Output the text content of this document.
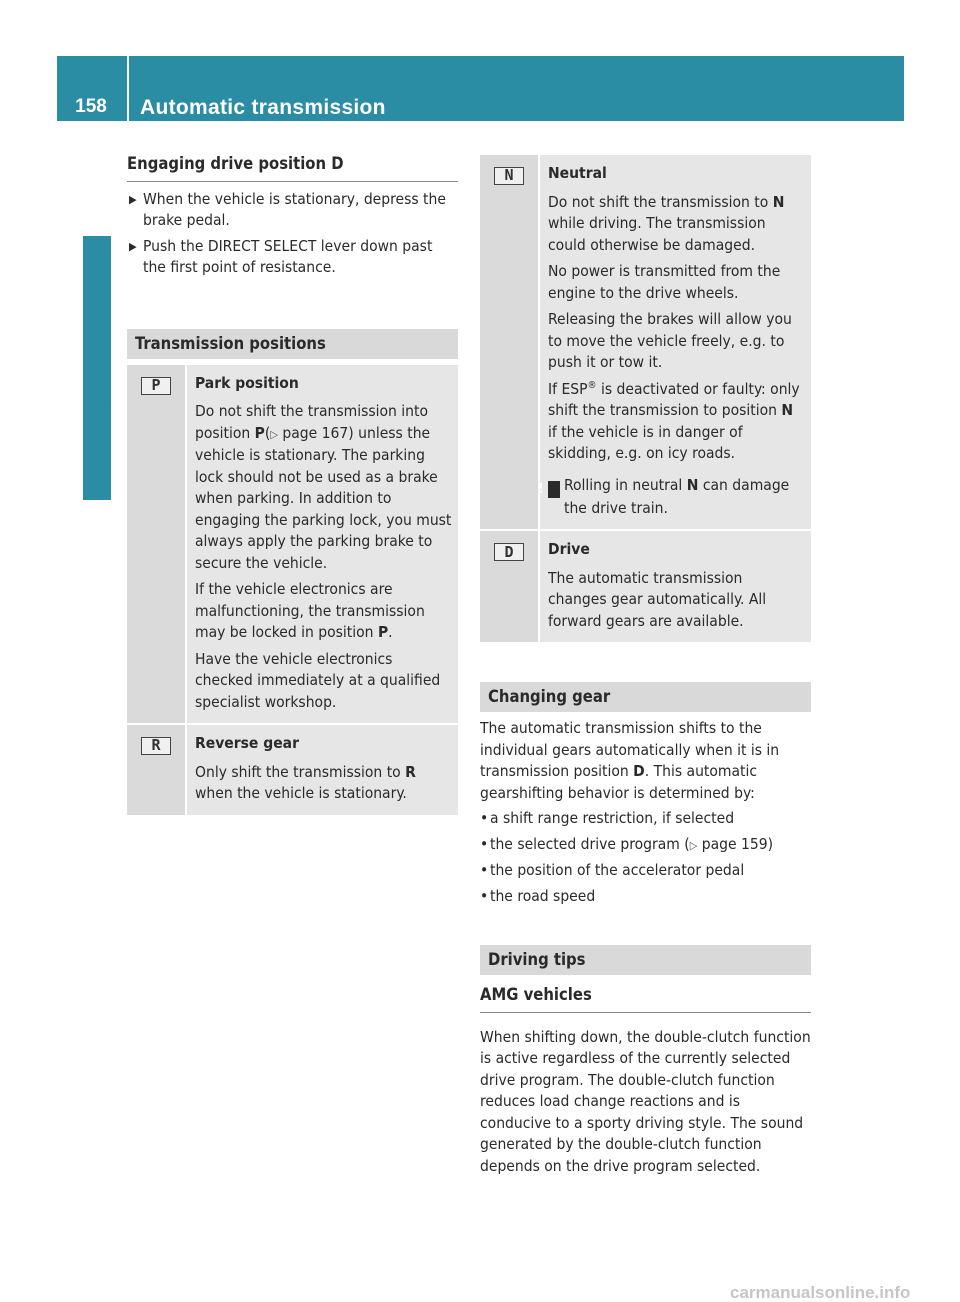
158	Automatic transmission
Driving and parking
Engaging drive position D
▶ When the vehicle is stationary, depress the brake pedal.
▶ Push the DIRECT SELECT lever down past the first point of resistance.
Transmission positions
P	Park position

Do not shift the transmission into position P(▷ page 167) unless the vehicle is stationary. The parking lock should not be used as a brake when parking. In addition to engaging the parking lock, you must always apply the parking brake to secure the vehicle.

If the vehicle electronics are malfunctioning, the transmission may be locked in position P.

Have the vehicle electronics checked immediately at a qualified specialist workshop.

R	Reverse gear

Only shift the transmission to R when the vehicle is stationary.

N	Neutral

Do not shift the transmission to N while driving. The transmission could otherwise be damaged.

No power is transmitted from the engine to the drive wheels.

Releasing the brakes will allow you to move the vehicle freely, e.g. to push it or tow it.

If ESP® is deactivated or faulty: only shift the transmission to position N if the vehicle is in danger of skidding, e.g. on icy roads.

! Rolling in neutral N can damage the drive train.

D	Drive

The automatic transmission changes gear automatically. All forward gears are available.

Changing gear

The automatic transmission shifts to the individual gears automatically when it is in transmission position D. This automatic gearshifting behavior is determined by:

• a shift range restriction, if selected
• the selected drive program (▷ page 159)
• the position of the accelerator pedal
• the road speed
Driving tips
AMG vehicles

When shifting down, the double-clutch function is active regardless of the currently selected drive program. The double-clutch function reduces load change reactions and is conducive to a sporty driving style. The sound generated by the double-clutch function depends on the drive program selected.

carmanualsonline.info
